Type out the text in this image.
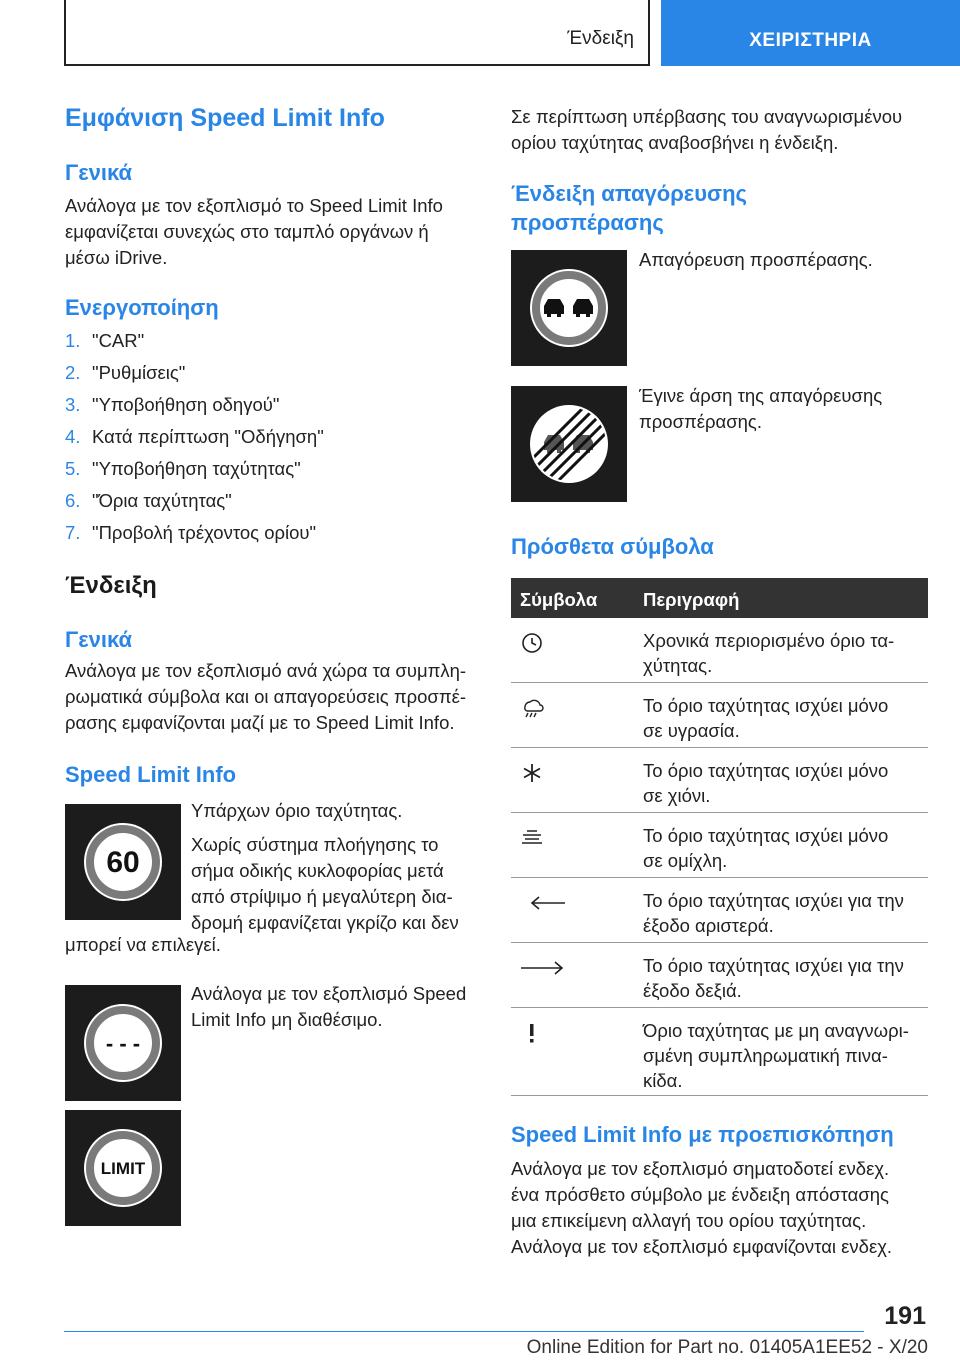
Ένδειξη	ΧΕΙΡΙΣΤΗΡΙΑ
Εμφάνιση Speed Limit Info
Γενικά
Ανάλογα με τον εξοπλισμό το Speed Limit Info
εμφανίζεται συνεχώς στο ταμπλό οργάνων ή
μέσω iDrive.
Ενεργοποίηση
1. "CAR"
2. "Ρυθμίσεις"
3. "Υποβοήθηση οδηγού"
4. Κατά περίπτωση "Οδήγηση"
5. "Υποβοήθηση ταχύτητας"
6. "Όρια ταχύτητας"
7. "Προβολή τρέχοντος ορίου"
Ένδειξη
Γενικά
Ανάλογα με τον εξοπλισμό ανά χώρα τα συμπλη-
ρωματικά σύμβολα και οι απαγορεύσεις προσπέ-
ρασης εμφανίζονται μαζί με το Speed Limit Info.
Speed Limit Info
60
Υπάρχων όριο ταχύτητας.
Χωρίς σύστημα πλοήγησης το
σήμα οδικής κυκλοφορίας μετά
από στρίψιμο ή μεγαλύτερη δια-
δρομή εμφανίζεται γκρίζο και δεν
μπορεί να επιλεγεί.
- - -
Ανάλογα με τον εξοπλισμό Speed
Limit Info μη διαθέσιμο.
LIMIT
Σε περίπτωση υπέρβασης του αναγνωρισμένου
ορίου ταχύτητας αναβοσβήνει η ένδειξη.
Ένδειξη απαγόρευσης
προσπέρασης
Απαγόρευση προσπέρασης.
Έγινε άρση της απαγόρευσης
προσπέρασης.
Πρόσθετα σύμβολα
Σύμβολα Περιγραφή
Χρονικά περιορισμένο όριο τα-
χύτητας.
Το όριο ταχύτητας ισχύει μόνο
σε υγρασία.
Το όριο ταχύτητας ισχύει μόνο
σε χιόνι.
Το όριο ταχύτητας ισχύει μόνο
σε ομίχλη.
Το όριο ταχύτητας ισχύει για την
έξοδο αριστερά.
Το όριο ταχύτητας ισχύει για την
έξοδο δεξιά.
Όριο ταχύτητας με μη αναγνωρι-
σμένη συμπληρωματική πινα-
κίδα.
Speed Limit Info με προεπισκόπηση
Ανάλογα με τον εξοπλισμό σηματοδοτεί ενδεχ.
ένα πρόσθετο σύμβολο με ένδειξη απόστασης
μια επικείμενη αλλαγή του ορίου ταχύτητας.
Ανάλογα με τον εξοπλισμό εμφανίζονται ενδεχ.
191
Online Edition for Part no. 01405A1EE52 - X/20
